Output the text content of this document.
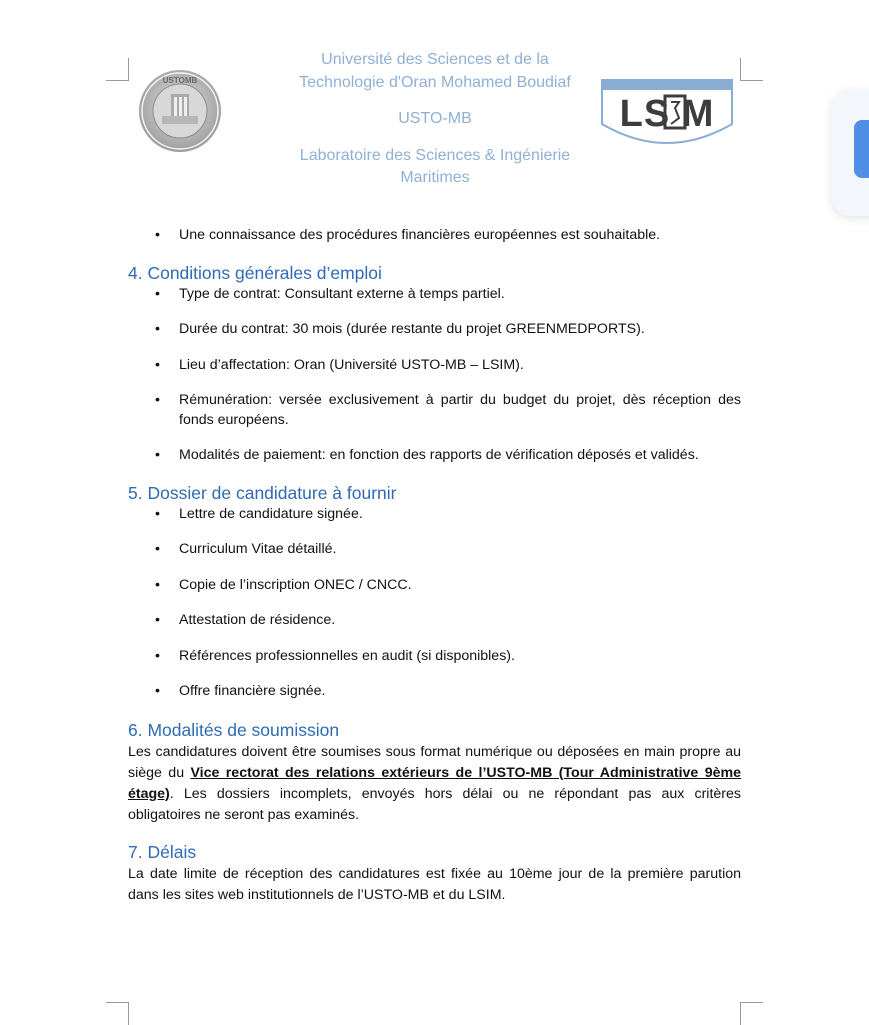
USTOMB

Université des Sciences et de la

Technologie d'Oran Mohamed Boudiaf

USTO-MB

Laboratoire des Sciences & Ingénierie

Maritimes

LS M
• Une connaissance des procédures financières européennes est souhaitable.
4. Conditions générales d’emploi
• Type de contrat: Consultant externe à temps partiel.
• Durée du contrat: 30 mois (durée restante du projet GREENMEDPORTS).
• Lieu d’affectation: Oran (Université USTO-MB – LSIM).
• Rémunération: versée exclusivement à partir du budget du projet, dès réception des fonds européens.
• Modalités de paiement: en fonction des rapports de vérification déposés et validés.
5. Dossier de candidature à fournir
• Lettre de candidature signée.
• Curriculum Vitae détaillé.
• Copie de l’inscription ONEC / CNCC.
• Attestation de résidence.
• Références professionnelles en audit (si disponibles).
• Offre financière signée.
6. Modalités de soumission

Les candidatures doivent être soumises sous format numérique ou déposées en main propre au siège du Vice rectorat des relations extérieurs de l’USTO-MB (Tour Administrative 9ème étage). Les dossiers incomplets, envoyés hors délai ou ne répondant pas aux critères obligatoires ne seront pas examinés.

7. Délais

La date limite de réception des candidatures est fixée au 10ème jour de la première parution dans les sites web institutionnels de l’USTO-MB et du LSIM.
